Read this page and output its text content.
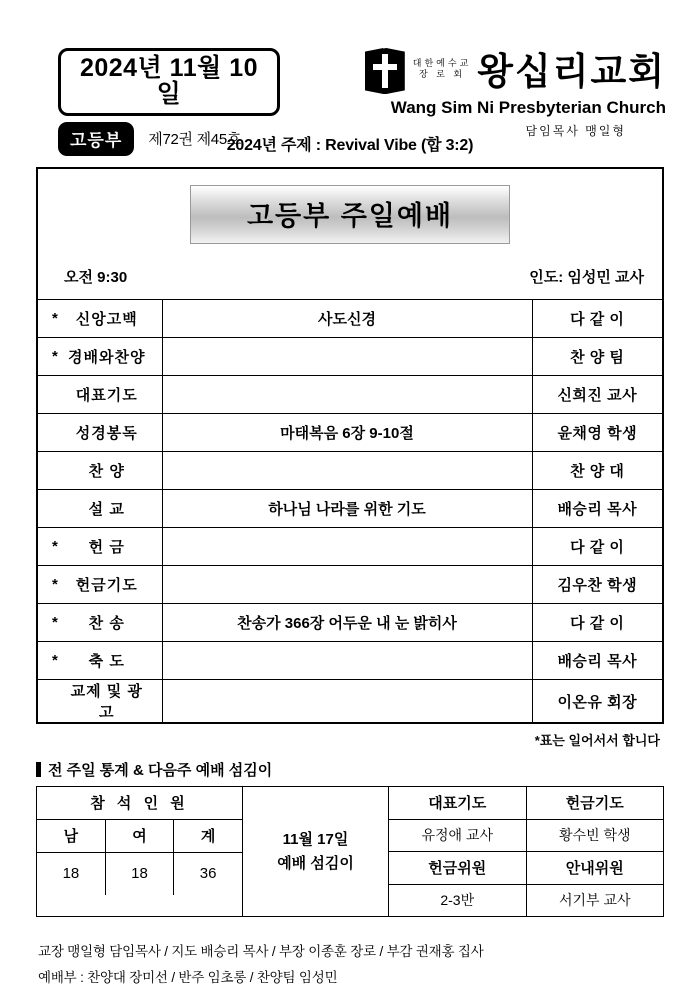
2024년 11월 10일
고등부	제72권 제45호
대한예수교
장 로 회 왕십리교회
Wang Sim Ni Presbyterian Church
담임목사 맹일형
2024년 주제 : Revival Vibe (합 3:2)
고등부 주일예배
오전 9:30	인도: 임성민 교사
* 신앙고백	사도신경	다 같 이

* 경배와찬양		찬 양 팀

대표기도		신희진 교사

성경봉독	마태복음 6장 9-10절	윤채영 학생

찬 양		찬 양 대

설 교	하나님 나라를 위한 기도	배승리 목사

* 헌 금		다 같 이

* 헌금기도		김우찬 학생

* 찬 송	찬송가 366장 어두운 내 눈 밝히사	다 같 이

* 축 도		배승리 목사

교제 및 광고		이온유 회장
*표는 일어서서 합니다
전 주일 통계 & 다음주 예배 섬김이
참 석 인 원
남	여	계
18	18	36
11월 17일
예배 섬김이
대표기도	헌금기도
유정애 교사	황수빈 학생
헌금위원	안내위원
2-3반	서기부 교사
교장 맹일형 담임목사 / 지도 배승리 목사 / 부장 이종훈 장로 / 부감 권재홍 집사
예배부 : 찬양대 장미선 / 반주 임초롱 / 찬양팀 임성민
